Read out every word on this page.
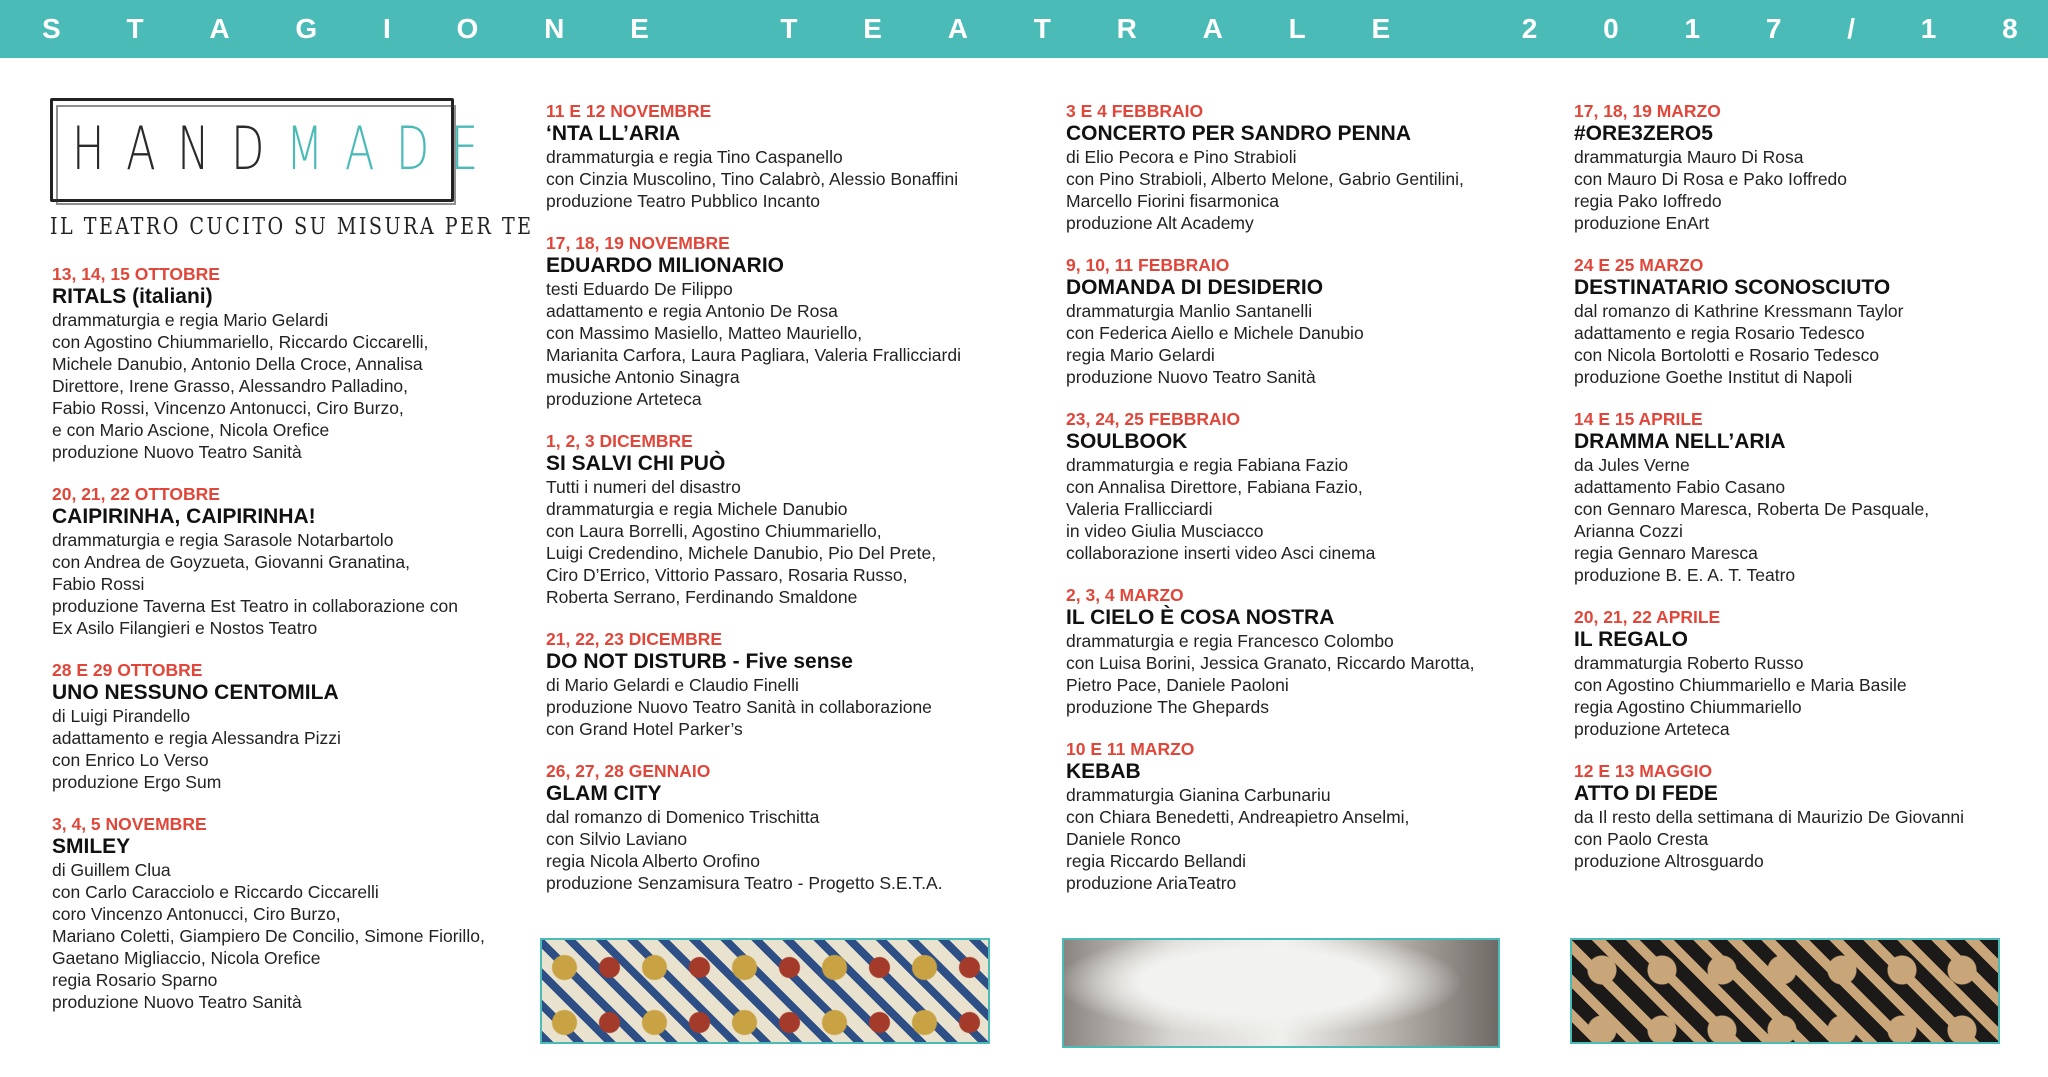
S T A G I O N E	T E A T R A L E	2 0 1 7 / 1 8
HAND MADE
IL TEATRO CUCITO SU MISURA PER TE
13, 14, 15 OTTOBRE
RITALS (italiani)
drammaturgia e regia Mario Gelardi
con Agostino Chiummariello, Riccardo Ciccarelli,
Michele Danubio, Antonio Della Croce, Annalisa
Direttore, Irene Grasso, Alessandro Palladino,
Fabio Rossi, Vincenzo Antonucci, Ciro Burzo,
e con Mario Ascione, Nicola Orefice
produzione Nuovo Teatro Sanità
20, 21, 22 OTTOBRE
CAIPIRINHA, CAIPIRINHA!
drammaturgia e regia Sarasole Notarbartolo
con Andrea de Goyzueta, Giovanni Granatina,
Fabio Rossi
produzione Taverna Est Teatro in collaborazione con
Ex Asilo Filangieri e Nostos Teatro
28 E 29 OTTOBRE
UNO NESSUNO CENTOMILA
di Luigi Pirandello
adattamento e regia Alessandra Pizzi
con Enrico Lo Verso
produzione Ergo Sum
3, 4, 5 NOVEMBRE
SMILEY
di Guillem Clua
con Carlo Caracciolo e Riccardo Ciccarelli
coro Vincenzo Antonucci, Ciro Burzo,
Mariano Coletti, Giampiero De Concilio, Simone Fiorillo,
Gaetano Migliaccio, Nicola Orefice
regia Rosario Sparno
produzione Nuovo Teatro Sanità
11 E 12 NOVEMBRE
‘NTA LL’ARIA
drammaturgia e regia Tino Caspanello
con Cinzia Muscolino, Tino Calabrò, Alessio Bonaffini
produzione Teatro Pubblico Incanto
17, 18, 19 NOVEMBRE
EDUARDO MILIONARIO
testi Eduardo De Filippo
adattamento e regia Antonio De Rosa
con Massimo Masiello, Matteo Mauriello,
Marianita Carfora, Laura Pagliara, Valeria Frallicciardi
musiche Antonio Sinagra
produzione Arteteca
1, 2, 3 DICEMBRE
SI SALVI CHI PUÒ
Tutti i numeri del disastro
drammaturgia e regia Michele Danubio
con Laura Borrelli, Agostino Chiummariello,
Luigi Credendino, Michele Danubio, Pio Del Prete,
Ciro D’Errico, Vittorio Passaro, Rosaria Russo,
Roberta Serrano, Ferdinando Smaldone
21, 22, 23 DICEMBRE
DO NOT DISTURB - Five sense
di Mario Gelardi e Claudio Finelli
produzione Nuovo Teatro Sanità in collaborazione
con Grand Hotel Parker’s
26, 27, 28 GENNAIO
GLAM CITY
dal romanzo di Domenico Trischitta
con Silvio Laviano
regia Nicola Alberto Orofino
produzione Senzamisura Teatro - Progetto S.E.T.A.
3 E 4 FEBBRAIO
CONCERTO PER SANDRO PENNA
di Elio Pecora e Pino Strabioli
con Pino Strabioli, Alberto Melone, Gabrio Gentilini,
Marcello Fiorini fisarmonica
produzione Alt Academy
9, 10, 11 FEBBRAIO
DOMANDA DI DESIDERIO
drammaturgia Manlio Santanelli
con Federica Aiello e Michele Danubio
regia Mario Gelardi
produzione Nuovo Teatro Sanità
23, 24, 25 FEBBRAIO
SOULBOOK
drammaturgia e regia Fabiana Fazio
con Annalisa Direttore, Fabiana Fazio,
Valeria Frallicciardi
in video Giulia Musciacco
collaborazione inserti video Asci cinema
2, 3, 4 MARZO
IL CIELO È COSA NOSTRA
drammaturgia e regia Francesco Colombo
con Luisa Borini, Jessica Granato, Riccardo Marotta,
Pietro Pace, Daniele Paoloni
produzione The Ghepards
10 E 11 MARZO
KEBAB
drammaturgia Gianina Carbunariu
con Chiara Benedetti, Andreapietro Anselmi,
Daniele Ronco
regia Riccardo Bellandi
produzione AriaTeatro
17, 18, 19 MARZO
#ORE3ZERO5
drammaturgia Mauro Di Rosa
con Mauro Di Rosa e Pako Ioffredo
regia Pako Ioffredo
produzione EnArt
24 E 25 MARZO
DESTINATARIO SCONOSCIUTO
dal romanzo di Kathrine Kressmann Taylor
adattamento e regia Rosario Tedesco
con Nicola Bortolotti e Rosario Tedesco
produzione Goethe Institut di Napoli
14 E 15 APRILE
DRAMMA NELL’ARIA
da Jules Verne
adattamento Fabio Casano
con Gennaro Maresca, Roberta De Pasquale,
Arianna Cozzi
regia Gennaro Maresca
produzione B. E. A. T. Teatro
20, 21, 22 APRILE
IL REGALO
drammaturgia Roberto Russo
con Agostino Chiummariello e Maria Basile
regia Agostino Chiummariello
produzione Arteteca
12 E 13 MAGGIO
ATTO DI FEDE
da Il resto della settimana di Maurizio De Giovanni
con Paolo Cresta
produzione Altrosguardo
